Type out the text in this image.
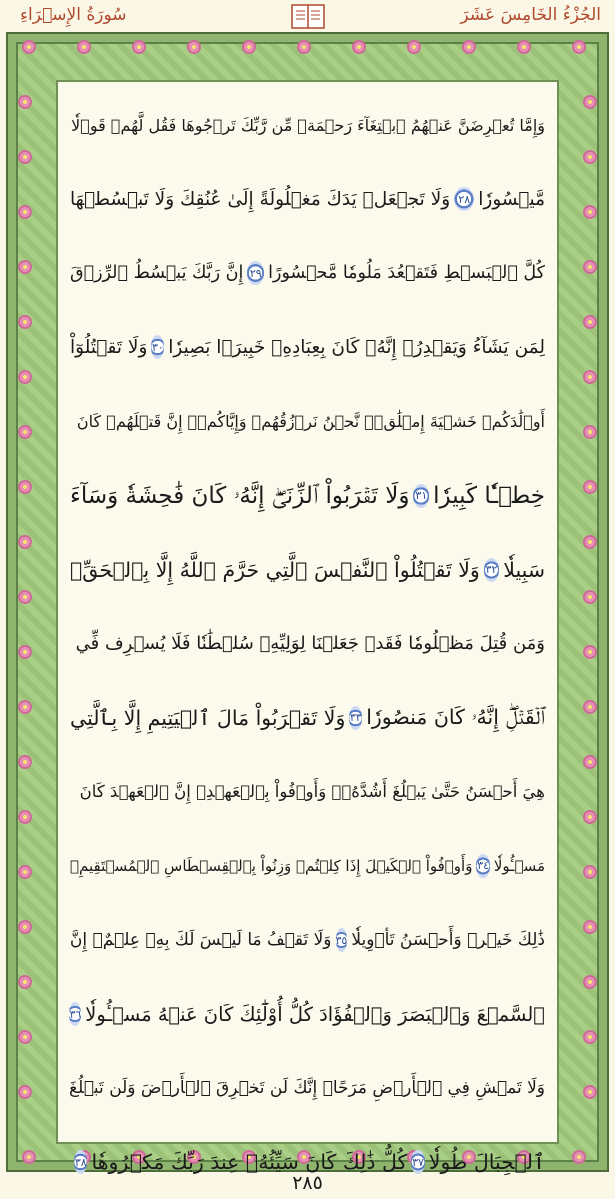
الجُزْءُ الخَامِسَ عَشَرَ
سُورَةُ الإِسۡرَاءِ
وَإِمَّا تُعۡرِضَنَّ عَنۡهُمُ ٱبۡتِغَآءَ رَحۡمَةٖ مِّن رَّبِّكَ تَرۡجُوهَا فَقُل لَّهُمۡ قَوۡلٗا
مَّيۡسُورٗا
٢٨
وَلَا تَجۡعَلۡ يَدَكَ مَغۡلُولَةً إِلَىٰ عُنُقِكَ وَلَا تَبۡسُطۡهَا
كُلَّ ٱلۡبَسۡطِ فَتَقۡعُدَ مَلُومٗا مَّحۡسُورًا
٢٩
إِنَّ رَبَّكَ يَبۡسُطُ ٱلرِّزۡقَ
لِمَن يَشَآءُ وَيَقۡدِرُۚ إِنَّهُۥ كَانَ بِعِبَادِهِۦ خَبِيرَۢا بَصِيرٗا
٣٠
وَلَا تَقۡتُلُوٓاْ
أَوۡلَٰدَكُمۡ خَشۡيَةَ إِمۡلَٰقٖۖ نَّحۡنُ نَرۡزُقُهُمۡ وَإِيَّاكُمۡۚ إِنَّ قَتۡلَهُمۡ كَانَ
خِطۡـٔٗا كَبِيرٗا
٣١
وَلَا تَقۡرَبُواْ ٱلزِّنَىٰٓۖ إِنَّهُۥ كَانَ فَٰحِشَةٗ وَسَآءَ
سَبِيلٗا
٣٢
وَلَا تَقۡتُلُواْ ٱلنَّفۡسَ ٱلَّتِي حَرَّمَ ٱللَّهُ إِلَّا بِٱلۡحَقِّۗ
وَمَن قُتِلَ مَظۡلُومٗا فَقَدۡ جَعَلۡنَا لِوَلِيِّهِۦ سُلۡطَٰنٗا فَلَا يُسۡرِف فِّي
ٱلۡقَتۡلِۖ إِنَّهُۥ كَانَ مَنصُورٗا
٣٣
وَلَا تَقۡرَبُواْ مَالَ ٱلۡيَتِيمِ إِلَّا بِٱلَّتِي
هِيَ أَحۡسَنُ حَتَّىٰ يَبۡلُغَ أَشُدَّهُۥۚ وَأَوۡفُواْ بِٱلۡعَهۡدِۖ إِنَّ ٱلۡعَهۡدَ كَانَ
مَسۡـُٔولٗا
٣٤
وَأَوۡفُواْ ٱلۡكَيۡلَ إِذَا كِلۡتُمۡ وَزِنُواْ بِٱلۡقِسۡطَاسِ ٱلۡمُسۡتَقِيمِۚ
ذَٰلِكَ خَيۡرٞ وَأَحۡسَنُ تَأۡوِيلٗا
٣٥
وَلَا تَقۡفُ مَا لَيۡسَ لَكَ بِهِۦ عِلۡمٌۚ إِنَّ
ٱلسَّمۡعَ وَٱلۡبَصَرَ وَٱلۡفُؤَادَ كُلُّ أُوْلَٰٓئِكَ كَانَ عَنۡهُ مَسۡـُٔولٗا
٣٦
وَلَا تَمۡشِ فِي ٱلۡأَرۡضِ مَرَحًاۖ إِنَّكَ لَن تَخۡرِقَ ٱلۡأَرۡضَ وَلَن تَبۡلُغَ
ٱلۡجِبَالَ طُولٗا
٣٧
كُلُّ ذَٰلِكَ كَانَ سَيِّئُهُۥ عِندَ رَبِّكَ مَكۡرُوهٗا
٣٨
٢٨٥
